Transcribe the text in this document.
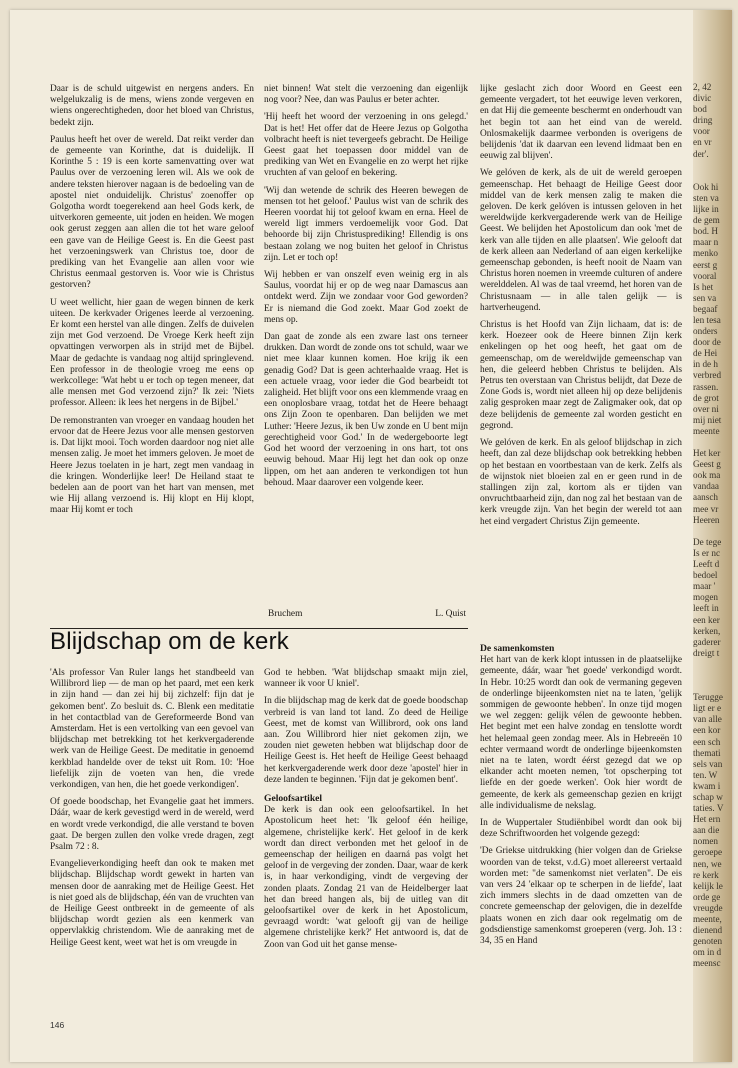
Daar is de schuld uitgewist en nergens anders. En welgelukzalig is de mens, wiens zonde vergeven en wiens ongerechtigheden, door het bloed van Christus, bedekt zijn.

Paulus heeft het over de wereld. Dat reikt verder dan de gemeente van Korinthe, dat is duidelijk. II Korinthe 5 : 19 is een korte samenvatting over wat Paulus over de verzoening leren wil. Als we ook de andere teksten hierover nagaan is de bedoeling van de apostel niet onduidelijk. Christus' zoenoffer op Golgotha wordt toegerekend aan heel Gods kerk, de uitverkoren gemeente, uit joden en heiden. We mogen ook gerust zeggen aan allen die tot het ware geloof een gave van de Heilige Geest is. En die Geest past het verzoeningswerk van Christus toe, door de prediking van het Evangelie aan allen voor wie Christus eenmaal gestorven is. Voor wie is Christus gestorven?

U weet wellicht, hier gaan de wegen binnen de kerk uiteen. De kerkvader Origenes leerde al verzoening. Er komt een herstel van alle dingen. Zelfs de duivelen zijn met God verzoend. De Vroege Kerk heeft zijn opvattingen verworpen als in strijd met de Bijbel. Maar de gedachte is vandaag nog altijd springlevend. Een professor in de theologie vroeg me eens op werkcollege: 'Wat hebt u er toch op tegen meneer, dat alle mensen met God verzoend zijn?' Ik zei: 'Niets professor. Alleen: ik lees het nergens in de Bijbel.'

De remonstranten van vroeger en vandaag houden het ervoor dat de Heere Jezus voor alle mensen gestorven is. Dat lijkt mooi. Toch worden daardoor nog niet alle mensen zalig. Je moet het immers geloven. Je moet de Heere Jezus toelaten in je hart, zegt men vandaag in die kringen. Wonderlijke leer! De Heiland staat te bedelen aan de poort van het hart van mensen, met wie Hij allang verzoend is. Hij klopt en Hij klopt, maar Hij komt er toch

niet binnen! Wat stelt die verzoening dan eigenlijk nog voor? Nee, dan was Paulus er beter achter.

'Hij heeft het woord der verzoening in ons gelegd.' Dat is het! Het offer dat de Heere Jezus op Golgotha volbracht heeft is niet tevergeefs gebracht. De Heilige Geest gaat het toepassen door middel van de prediking van Wet en Evangelie en zo werpt het rijke vruchten af van geloof en bekering.

'Wij dan wetende de schrik des Heeren bewegen de mensen tot het geloof.' Paulus wist van de schrik des Heeren voordat hij tot geloof kwam en erna. Heel de wereld ligt immers verdoemelijk voor God. Dat behoorde bij zijn Christusprediking! Ellendig is ons bestaan zolang we nog buiten het geloof in Christus zijn. Let er toch op!

Wij hebben er van onszelf even weinig erg in als Saulus, voordat hij er op de weg naar Damascus aan ontdekt werd. Zijn we zondaar voor God geworden? Er is niemand die God zoekt. Maar God zoekt de mens op.

Dan gaat de zonde als een zware last ons terneer drukken. Dan wordt de zonde ons tot schuld, waar we niet mee klaar kunnen komen. Hoe krijg ik een genadig God? Dat is geen achterhaalde vraag. Het is een actuele vraag, voor ieder die God bearbeidt tot zaligheid. Het blijft voor ons een klemmende vraag en een onoplosbare vraag, totdat het de Heere behaagt ons Zijn Zoon te openbaren. Dan belijden we met Luther: 'Heere Jezus, ik ben Uw zonde en U bent mijn gerechtigheid voor God.' In de wedergeboorte legt God het woord der verzoening in ons hart, tot ons eeuwig behoud. Maar Hij legt het dan ook op onze lippen, om het aan anderen te verkondigen tot hun behoud. Maar daarover een volgende keer.

Bruchem	L. Quist
Blijdschap om de kerk

lijke geslacht zich door Woord en Geest een gemeente vergadert, tot het eeuwige leven verkoren, en dat Hij die gemeente beschermt en onderhoudt van het begin tot aan het eind van de wereld. Onlosmakelijk daarmee verbonden is overigens de belijdenis 'dat ik daarvan een levend lidmaat ben en eeuwig zal blijven'.

We gelóven de kerk, als de uit de wereld geroepen gemeenschap. Het behaagt de Heilige Geest door middel van de kerk mensen zalig te maken die geloven. De kerk gelóven is intussen geloven in het wereldwijde kerkvergaderende werk van de Heilige Geest. We belijden het Apostolicum dan ook 'met de kerk van alle tijden en alle plaatsen'. Wie gelooft dat de kerk alleen aan Nederland of aan eigen kerkelijke gemeenschap gebonden, is heeft nooit de Naam van Christus horen noemen in vreemde culturen of andere werelddelen. Al was de taal vreemd, het horen van de Christusnaam — in alle talen gelijk — is hartverheugend.

Christus is het Hoofd van Zijn lichaam, dat is: de kerk. Hoezeer ook de Heere binnen Zijn kerk enkelingen op het oog heeft, het gaat om de gemeenschap, om de wereldwijde gemeenschap van hen, die geleerd hebben Christus te belijden. Als Petrus ten overstaan van Christus belijdt, dat Deze de Zone Gods is, wordt niet alleen hij op deze belijdenis zalig gesproken maar zegt de Zaligmaker ook, dat op deze belijdenis de gemeente zal worden gesticht en gegrond.

We gelóven de kerk. En als geloof blijdschap in zich heeft, dan zal deze blijdschap ook betrekking hebben op het bestaan en voortbestaan van de kerk. Zelfs als de wijnstok niet bloeien zal en er geen rund in de stallingen zijn zal, kortom als er tijden van onvruchtbaarheid zijn, dan nog zal het bestaan van de kerk vreugde zijn. Van het begin der wereld tot aan het eind vergadert Christus Zijn gemeente.

'Als professor Van Ruler langs het standbeeld van Willibrord liep — de man op het paard, met een kerk in zijn hand — dan zei hij bij zichzelf: fijn dat je gekomen bent'. Zo besluit ds. C. Blenk een meditatie in het contactblad van de Gereformeerde Bond van Amsterdam. Het is een vertolking van een gevoel van blijdschap met betrekking tot het kerkvergaderende werk van de Heilige Geest. De meditatie in genoemd kerkblad handelde over de tekst uit Rom. 10: 'Hoe liefelijk zijn de voeten van hen, die vrede verkondigen, van hen, die het goede verkondigen'.

Of goede boodschap, het Evangelie gaat het immers. Dáár, waar de kerk gevestigd werd in de wereld, werd en wordt vrede verkondigd, die alle verstand te boven gaat. De bergen zullen den volke vrede dragen, zegt Psalm 72 : 8.

Evangelieverkondiging heeft dan ook te maken met blijdschap. Blijdschap wordt gewekt in harten van mensen door de aanraking met de Heilige Geest. Het is niet goed als de blijdschap, één van de vruchten van de Heilige Geest ontbreekt in de gemeente of als blijdschap wordt gezien als een kenmerk van oppervlakkig christendom. Wie de aanraking met de Heilige Geest kent, weet wat het is om vreugde in

God te hebben. 'Wat blijdschap smaakt mijn ziel, wanneer ik voor U kniel'.

In die blijdschap mag de kerk dat de goede boodschap verbreid is van land tot land. Zo deed de Heilige Geest, met de komst van Willibrord, ook ons land aan. Zou Willibrord hier niet gekomen zijn, we zouden niet geweten hebben wat blijdschap door de Heilige Geest is. Het heeft de Heilige Geest behaagd het kerkvergaderende werk door deze 'apostel' hier in deze landen te beginnen. 'Fijn dat je gekomen bent'.

Geloofsartikel

De kerk is dan ook een geloofsartikel. In het Apostolicum heet het: 'Ik geloof één heilige, algemene, christelijke kerk'. Het geloof in de kerk wordt dan direct verbonden met het geloof in de gemeenschap der heiligen en daarná pas volgt het geloof in de vergeving der zonden. Daar, waar de kerk is, in haar verkondiging, vindt de vergeving der zonden plaats. Zondag 21 van de Heidelberger laat het dan breed hangen als, bij de uitleg van dit geloofsartikel over de kerk in het Apostolicum, gevraagd wordt: 'wat gelooft gij van de heilige algemene christelijke kerk?' Het antwoord is, dat de Zoon van God uit het ganse mense-

De samenkomsten

Het hart van de kerk klopt intussen in de plaatselijke gemeente, dáár, waar 'het goede' verkondigd wordt. In Hebr. 10:25 wordt dan ook de vermaning gegeven de onderlinge bijeenkomsten niet na te laten, 'gelijk sommigen de gewoonte hebben'. In onze tijd mogen we wel zeggen: gelijk vélen de gewoonte hebben. Het begint met een halve zondag en tenslotte wordt het helemaal geen zondag meer. Als in Hebreeën 10 echter vermaand wordt de onderlinge bijeenkomsten niet na te laten, wordt éérst gezegd dat we op elkander acht moeten nemen, 'tot opscherping tot liefde en der goede werken'. Ook hier wordt de gemeente, de kerk als gemeenschap gezien en krijgt alle individualisme de nekslag.

In de Wuppertaler Studiënbibel wordt dan ook bij deze Schriftwoorden het volgende gezegd:

'De Griekse uitdrukking (hier volgen dan de Griekse woorden van de tekst, v.d.G) moet allereerst vertaald worden met: "de samenkomst niet verlaten". De eis van vers 24 'elkaar op te scherpen in de liefde', laat zich immers slechts in de daad omzetten van de concrete gemeenschap der gelovigen, die in dezelfde plaats wonen en zich daar ook regelmatig om de godsdienstige samenkomst groeperen (verg. Joh. 13 : 34, 35 en Hand

146
2, 42
divic
bod
dring
voor
en vr
der'.

Ook hi
sten va
lijke in
de gem
bod. H
maar n
menko
eerst g
vooral
Is het
sen va
begaaf
len tesa
onders
door de
de Hei
in de h
verbred
rassen.
de grot
over ni
mij niet
meente

Het ker
Geest g
ook ma
vandaa
aansch
mee vr
Heeren

De tege
Is er nc
Leeft d
bedoel
maar '
mogen
leeft in
een ker
kerken,
gaderer
dreigt t

Terugge
ligt er e
van alle
een kor
een sch
themati
sels van
ten. W
kwam i
schap w
taties. V
Het ern
aan die
nomen
geroepe
nen, we
re kerk
kelijk le
orde ge
vreugde
meente,
dienend
genoten
om in d
meensc
